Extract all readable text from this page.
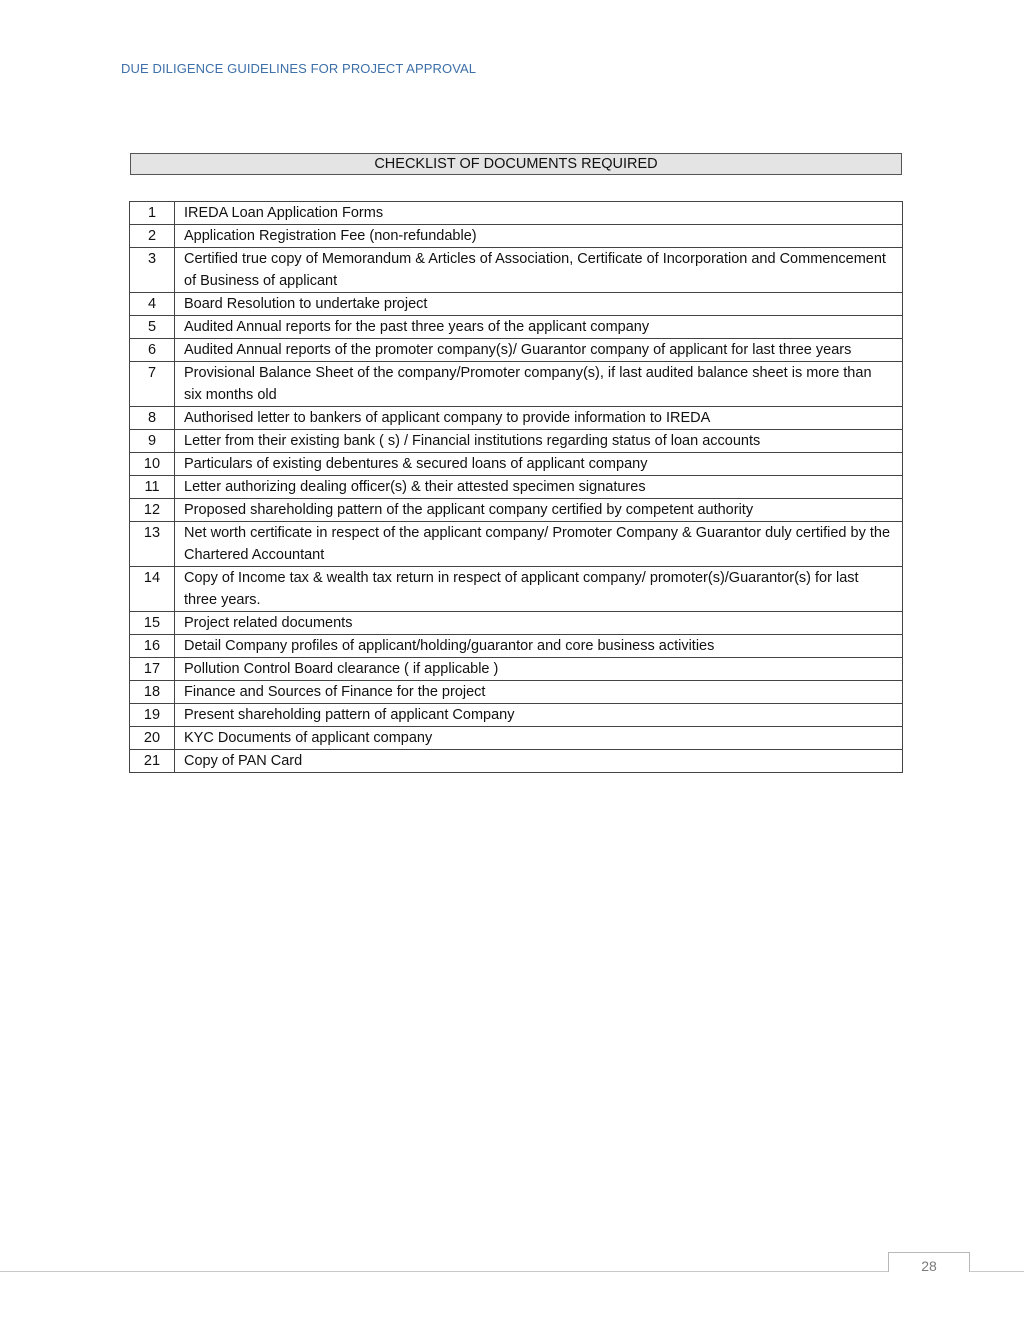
DUE DILIGENCE GUIDELINES FOR PROJECT APPROVAL
CHECKLIST OF DOCUMENTS REQUIRED
1	IREDA Loan Application Forms
2	Application Registration Fee (non-refundable)
3	Certified true copy of Memorandum & Articles of Association, Certificate of Incorporation and Commencement of Business of applicant
4	Board Resolution to undertake project
5	Audited Annual reports for the past three years of the applicant company
6	Audited Annual reports of the promoter company(s)/ Guarantor company of applicant for last three years
7	Provisional Balance Sheet of the company/Promoter company(s), if last audited balance sheet is more than six months old
8	Authorised letter to bankers of applicant company to provide information to IREDA
9	Letter from their existing bank ( s) / Financial institutions regarding status of loan accounts
10	Particulars of existing debentures & secured loans of applicant company
11	Letter authorizing dealing officer(s) & their attested specimen signatures
12	Proposed shareholding pattern of the applicant company certified by competent authority
13	Net worth certificate in respect of the applicant company/ Promoter Company & Guarantor duly certified by the Chartered Accountant
14	Copy of Income tax & wealth tax return in respect of applicant company/ promoter(s)/Guarantor(s) for last three years.
15	Project related documents
16	Detail Company profiles of applicant/holding/guarantor and core business activities
17	Pollution Control Board clearance ( if applicable )
18	Finance and Sources of Finance for the project
19	Present shareholding pattern of applicant Company
20	KYC Documents of applicant company
21	Copy of PAN Card
28
